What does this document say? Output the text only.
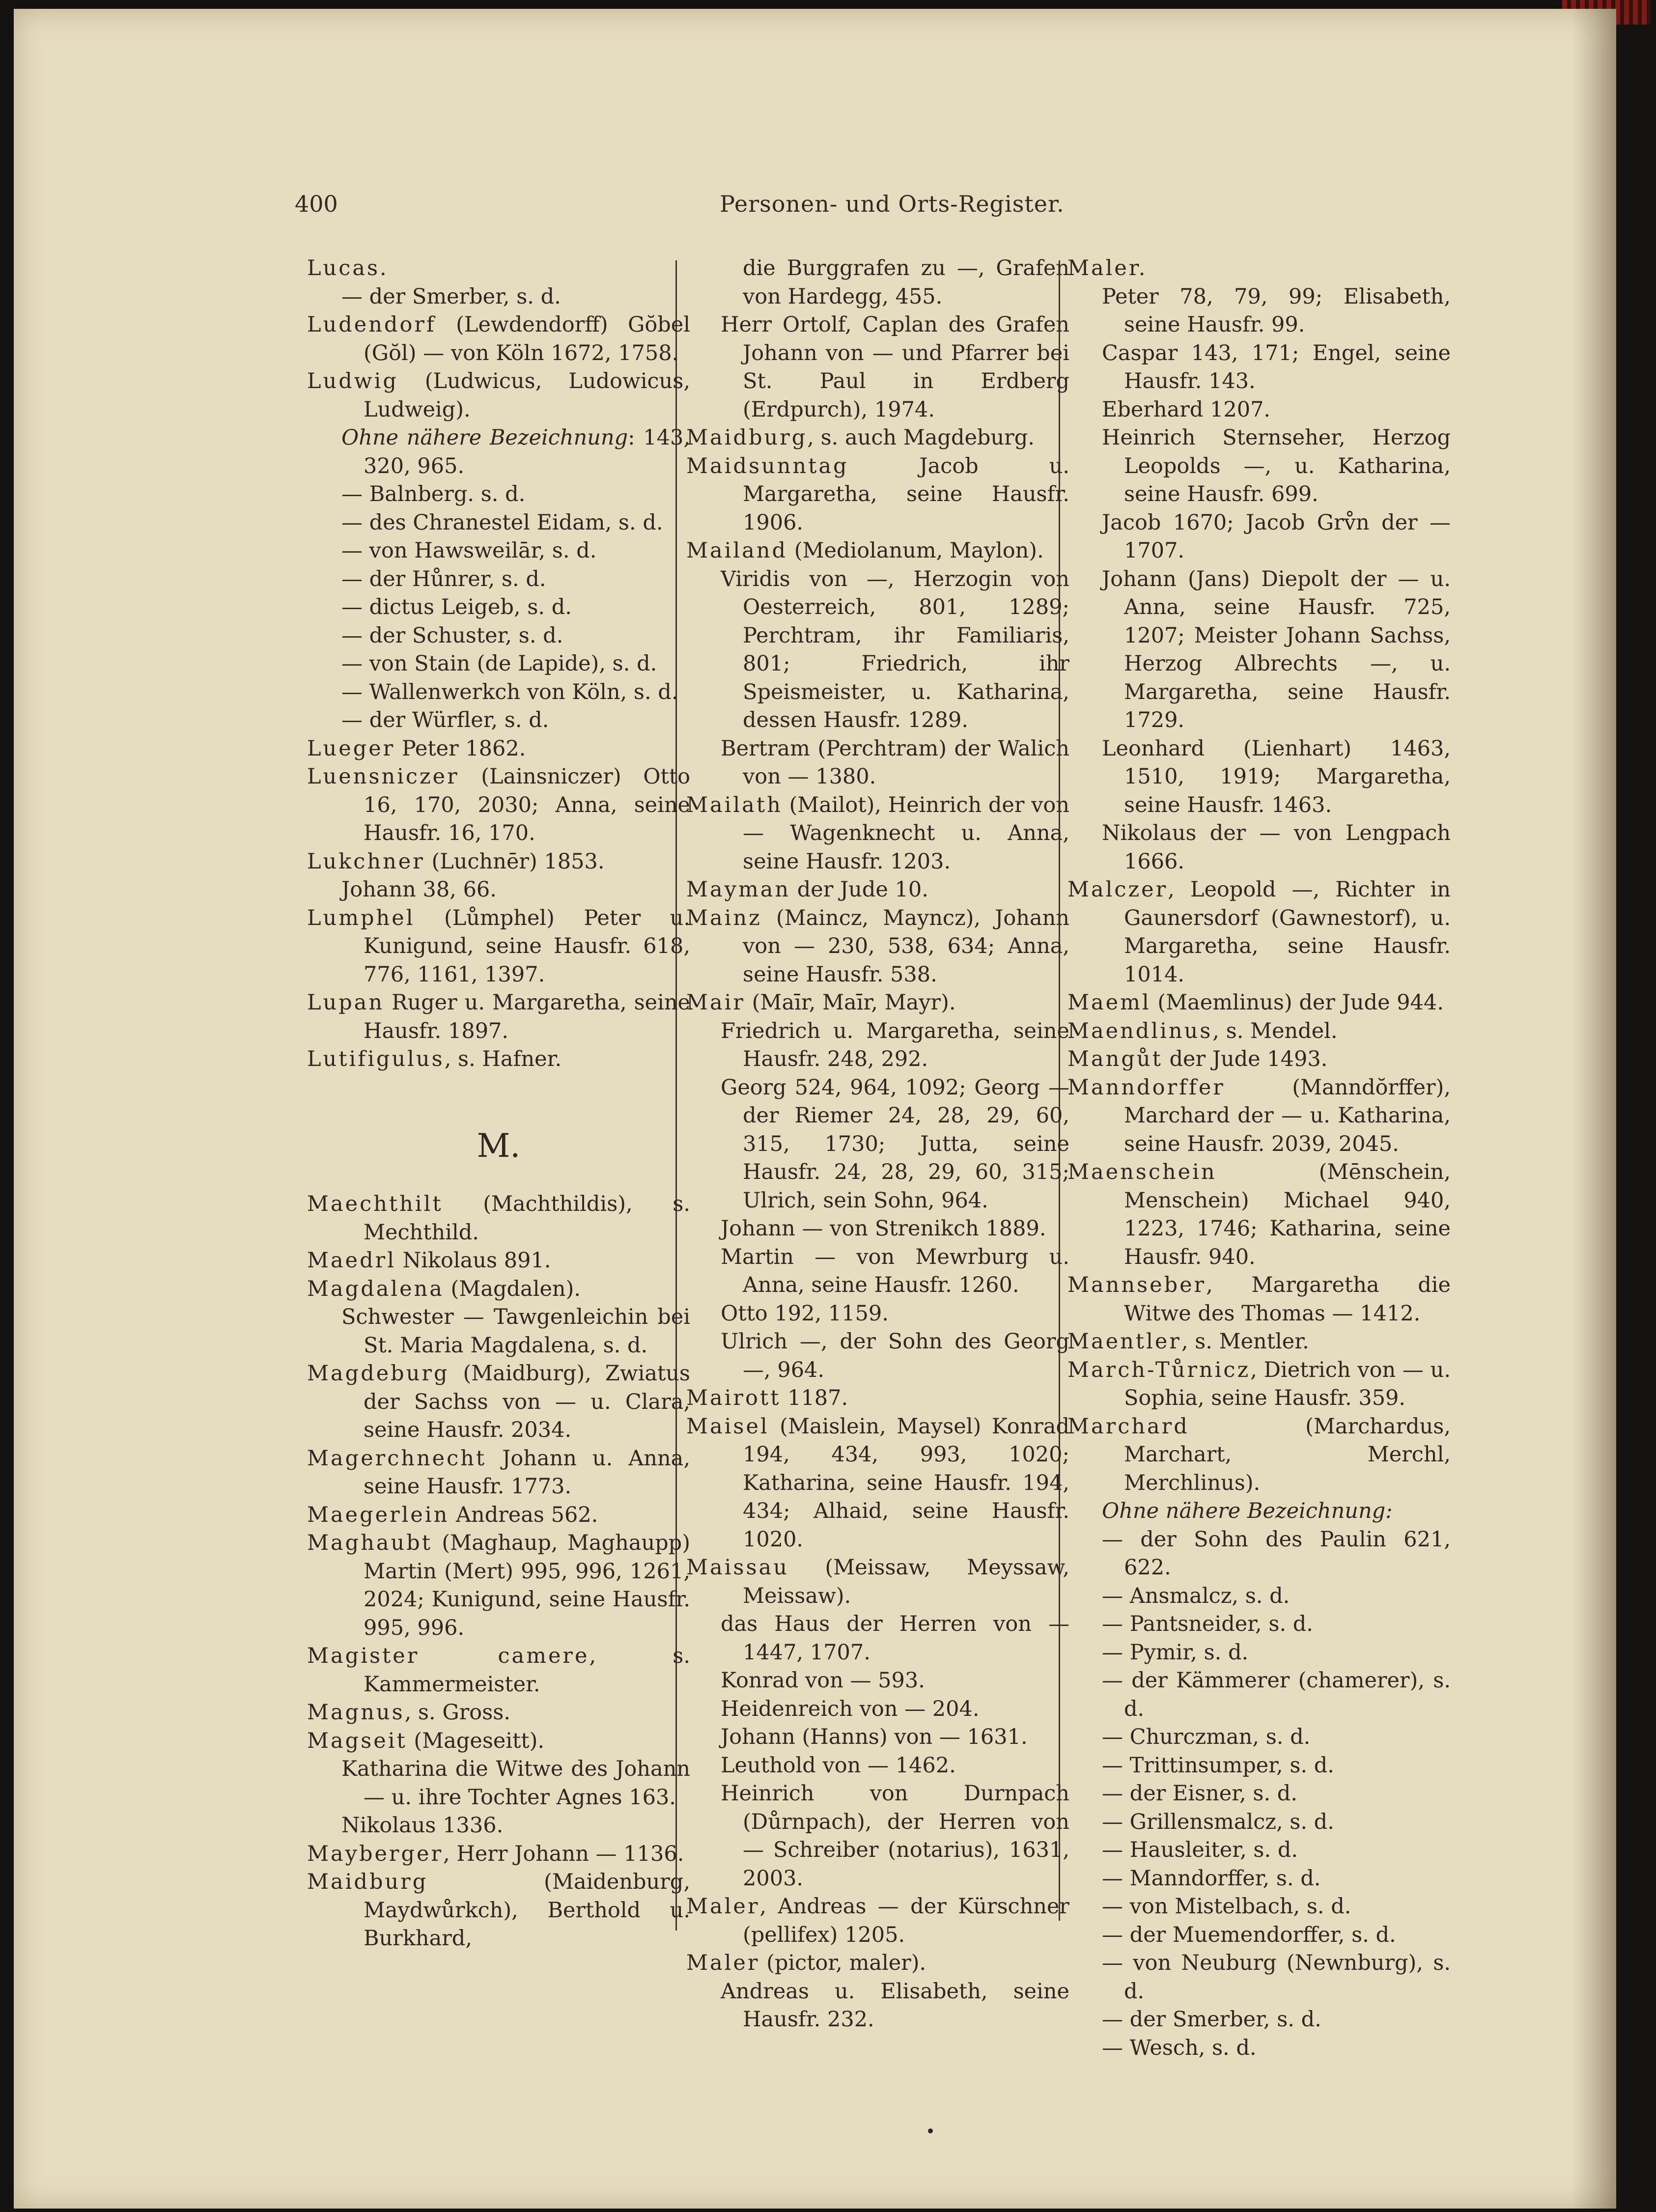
400	Personen- und Orts-Register.
Lucas.
— der Smerber, s. d.
Ludendorf (Lewdendorff) Gŏbel (Gŏl) — von Köln 1672, 1758.
Ludwig (Ludwicus, Ludowicus, Ludweig).
Ohne nähere Bezeichnung: 143, 320, 965.
— Balnberg. s. d.
— des Chranestel Eidam, s. d.
— von Hawsweilār, s. d.
— der Hůnrer, s. d.
— dictus Leigeb, s. d.
— der Schuster, s. d.
— von Stain (de Lapide), s. d.
— Wallenwerkch von Köln, s. d.
— der Würfler, s. d.
Lueger Peter 1862.
Luensniczer (Lainsniczer) Otto 16, 170, 2030; Anna, seine Hausfr. 16, 170.
Lukchner (Luchnēr) 1853.
Johann 38, 66.
Lumphel (Lůmphel) Peter u. Kunigund, seine Hausfr. 618, 776, 1161, 1397.
Lupan Ruger u. Margaretha, seine Hausfr. 1897.
Lutifigulus, s. Hafner.
M.
Maechthilt (Machthildis), s. Mechthild.
Maedrl Nikolaus 891.
Magdalena (Magdalen).
Schwester — Tawgenleichin bei St. Maria Magdalena, s. d.
Magdeburg (Maidburg), Zwiatus der Sachss von — u. Clara, seine Hausfr. 2034.
Magerchnecht Johann u. Anna, seine Hausfr. 1773.
Maegerlein Andreas 562.
Maghaubt (Maghaup, Maghaupp) Martin (Mert) 995, 996, 1261, 2024; Kunigund, seine Hausfr. 995, 996.
Magister camere, s. Kammermeister.
Magnus, s. Gross.
Magseit (Mageseitt).
Katharina die Witwe des Johann — u. ihre Tochter Agnes 163.
Nikolaus 1336.
Mayberger, Herr Johann — 1136.
Maidburg (Maidenburg, Maydwůrkch), Berthold u. Burkhard,
die Burggrafen zu —, Grafen von Hardegg, 455.
Herr Ortolf, Caplan des Grafen Johann von — und Pfarrer bei St. Paul in Erdberg (Erdpurch), 1974.
Maidburg, s. auch Magdeburg.
Maidsunntag Jacob u. Margaretha, seine Hausfr. 1906.
Mailand (Mediolanum, Maylon).
Viridis von —, Herzogin von Oesterreich, 801, 1289; Perchtram, ihr Familiaris, 801; Friedrich, ihr Speismeister, u. Katharina, dessen Hausfr. 1289.
Bertram (Perchtram) der Walich von — 1380.
Mailath (Mailot), Heinrich der von — Wagenknecht u. Anna, seine Hausfr. 1203.
Mayman der Jude 10.
Mainz (Maincz, Mayncz), Johann von — 230, 538, 634; Anna, seine Hausfr. 538.
Mair (Maīr, Maīr, Mayr).
Friedrich u. Margaretha, seine Hausfr. 248, 292.
Georg 524, 964, 1092; Georg — der Riemer 24, 28, 29, 60, 315, 1730; Jutta, seine Hausfr. 24, 28, 29, 60, 315; Ulrich, sein Sohn, 964.
Johann — von Strenikch 1889.
Martin — von Mewrburg u. Anna, seine Hausfr. 1260.
Otto 192, 1159.
Ulrich —, der Sohn des Georg —, 964.
Mairott 1187.
Maisel (Maislein, Maysel) Konrad 194, 434, 993, 1020; Katharina, seine Hausfr. 194, 434; Alhaid, seine Hausfr. 1020.
Maissau (Meissaw, Meyssaw, Meissaw).
das Haus der Herren von — 1447, 1707.
Konrad von — 593.
Heidenreich von — 204.
Johann (Hanns) von — 1631.
Leuthold von — 1462.
Heinrich von Durnpach (Důrnpach), der Herren von — Schreiber (notarius), 1631, 2003.
Maler, Andreas — der Kürschner (pellifex) 1205.
Maler (pictor, maler).
Andreas u. Elisabeth, seine Hausfr. 232.
Maler.
Peter 78, 79, 99; Elisabeth, seine Hausfr. 99.
Caspar 143, 171; Engel, seine Hausfr. 143.
Eberhard 1207.
Heinrich Sternseher, Herzog Leopolds —, u. Katharina, seine Hausfr. 699.
Jacob 1670; Jacob Grv̊n der — 1707.
Johann (Jans) Diepolt der — u. Anna, seine Hausfr. 725, 1207; Meister Johann Sachss, Herzog Albrechts —, u. Margaretha, seine Hausfr. 1729.
Leonhard (Lienhart) 1463, 1510, 1919; Margaretha, seine Hausfr. 1463.
Nikolaus der — von Lengpach 1666.
Malczer, Leopold —, Richter in Gaunersdorf (Gawnestorf), u. Margaretha, seine Hausfr. 1014.
Maeml (Maemlinus) der Jude 944.
Maendlinus, s. Mendel.
Mangůt der Jude 1493.
Manndorffer (Manndŏrffer), Marchard der — u. Katharina, seine Hausfr. 2039, 2045.
Maenschein (Mēnschein, Menschein) Michael 940, 1223, 1746; Katharina, seine Hausfr. 940.
Mannseber, Margaretha die Witwe des Thomas — 1412.
Maentler, s. Mentler.
March-Tůrnicz, Dietrich von — u. Sophia, seine Hausfr. 359.
Marchard (Marchardus, Marchart, Merchl, Merchlinus).
Ohne nähere Bezeichnung:
— der Sohn des Paulin 621, 622.
— Ansmalcz, s. d.
— Pantsneider, s. d.
— Pymir, s. d.
— der Kämmerer (chamerer), s. d.
— Churczman, s. d.
— Trittinsumper, s. d.
— der Eisner, s. d.
— Grillensmalcz, s. d.
— Hausleiter, s. d.
— Manndorffer, s. d.
— von Mistelbach, s. d.
— der Muemendorffer, s. d.
— von Neuburg (Newnburg), s. d.
— der Smerber, s. d.
— Wesch, s. d.
